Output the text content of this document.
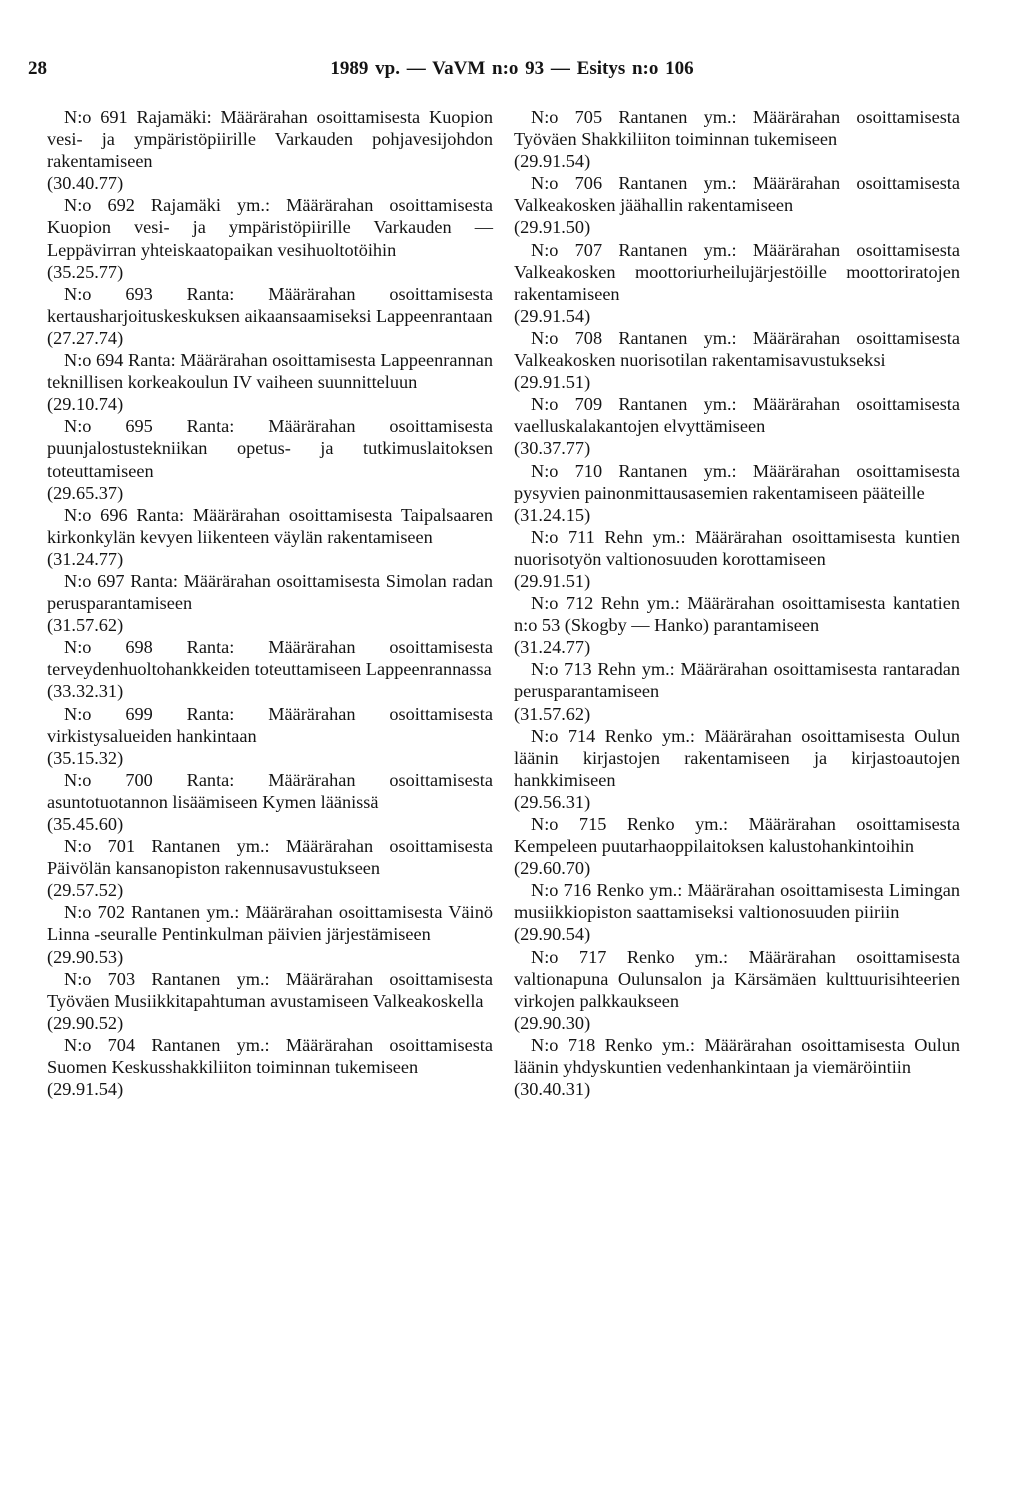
28	1989 vp. — VaVM n:o 93 — Esitys n:o 106

N:o 691 Rajamäki: Määrärahan osoittamisesta Kuopion vesi- ja ympäristöpiirille Varkauden pohjavesijohdon rakentamiseen

(30.40.77)

N:o 692 Rajamäki ym.: Määrärahan osoittamisesta Kuopion vesi- ja ympäristöpiirille Varkauden — Leppävirran yhteiskaatopaikan vesihuoltotöihin

(35.25.77)

N:o 693 Ranta: Määrärahan osoittamisesta kertausharjoituskeskuksen aikaansaamiseksi Lappeenrantaan

(27.27.74)

N:o 694 Ranta: Määrärahan osoittamisesta Lappeenrannan teknillisen korkeakoulun IV vaiheen suunnitteluun

(29.10.74)

N:o 695 Ranta: Määrärahan osoittamisesta puunjalostustekniikan opetus- ja tutkimuslaitoksen toteuttamiseen

(29.65.37)

N:o 696 Ranta: Määrärahan osoittamisesta Taipalsaaren kirkonkylän kevyen liikenteen väylän rakentamiseen

(31.24.77)

N:o 697 Ranta: Määrärahan osoittamisesta Simolan radan perusparantamiseen

(31.57.62)

N:o 698 Ranta: Määrärahan osoittamisesta terveydenhuoltohankkeiden toteuttamiseen Lappeenrannassa

(33.32.31)

N:o 699 Ranta: Määrärahan osoittamisesta virkistysalueiden hankintaan

(35.15.32)

N:o 700 Ranta: Määrärahan osoittamisesta asuntotuotannon lisäämiseen Kymen läänissä

(35.45.60)

N:o 701 Rantanen ym.: Määrärahan osoittamisesta Päivölän kansanopiston rakennusavustukseen

(29.57.52)

N:o 702 Rantanen ym.: Määrärahan osoittamisesta Väinö Linna -seuralle Pentinkulman päivien järjestämiseen

(29.90.53)

N:o 703 Rantanen ym.: Määrärahan osoittamisesta Työväen Musiikkitapahtuman avustamiseen Valkeakoskella

(29.90.52)

N:o 704 Rantanen ym.: Määrärahan osoittamisesta Suomen Keskusshakkiliiton toiminnan tukemiseen

(29.91.54)

N:o 705 Rantanen ym.: Määrärahan osoittamisesta Työväen Shakkiliiton toiminnan tukemiseen

(29.91.54)

N:o 706 Rantanen ym.: Määrärahan osoittamisesta Valkeakosken jäähallin rakentamiseen

(29.91.50)

N:o 707 Rantanen ym.: Määrärahan osoittamisesta Valkeakosken moottoriurheilujärjestöille moottoriratojen rakentamiseen

(29.91.54)

N:o 708 Rantanen ym.: Määrärahan osoittamisesta Valkeakosken nuorisotilan rakentamisavustukseksi

(29.91.51)

N:o 709 Rantanen ym.: Määrärahan osoittamisesta vaelluskalakantojen elvyttämiseen

(30.37.77)

N:o 710 Rantanen ym.: Määrärahan osoittamisesta pysyvien painonmittausasemien rakentamiseen pääteille

(31.24.15)

N:o 711 Rehn ym.: Määrärahan osoittamisesta kuntien nuorisotyön valtionosuuden korottamiseen

(29.91.51)

N:o 712 Rehn ym.: Määrärahan osoittamisesta kantatien n:o 53 (Skogby — Hanko) parantamiseen

(31.24.77)

N:o 713 Rehn ym.: Määrärahan osoittamisesta rantaradan perusparantamiseen

(31.57.62)

N:o 714 Renko ym.: Määrärahan osoittamisesta Oulun läänin kirjastojen rakentamiseen ja kirjastoautojen hankkimiseen

(29.56.31)

N:o 715 Renko ym.: Määrärahan osoittamisesta Kempeleen puutarhaoppilaitoksen kalustohankintoihin

(29.60.70)

N:o 716 Renko ym.: Määrärahan osoittamisesta Limingan musiikkiopiston saattamiseksi valtionosuuden piiriin

(29.90.54)

N:o 717 Renko ym.: Määrärahan osoittamisesta valtionapuna Oulunsalon ja Kärsämäen kulttuurisihteerien virkojen palkkaukseen

(29.90.30)

N:o 718 Renko ym.: Määrärahan osoittamisesta Oulun läänin yhdyskuntien vedenhankintaan ja viemäröintiin

(30.40.31)
